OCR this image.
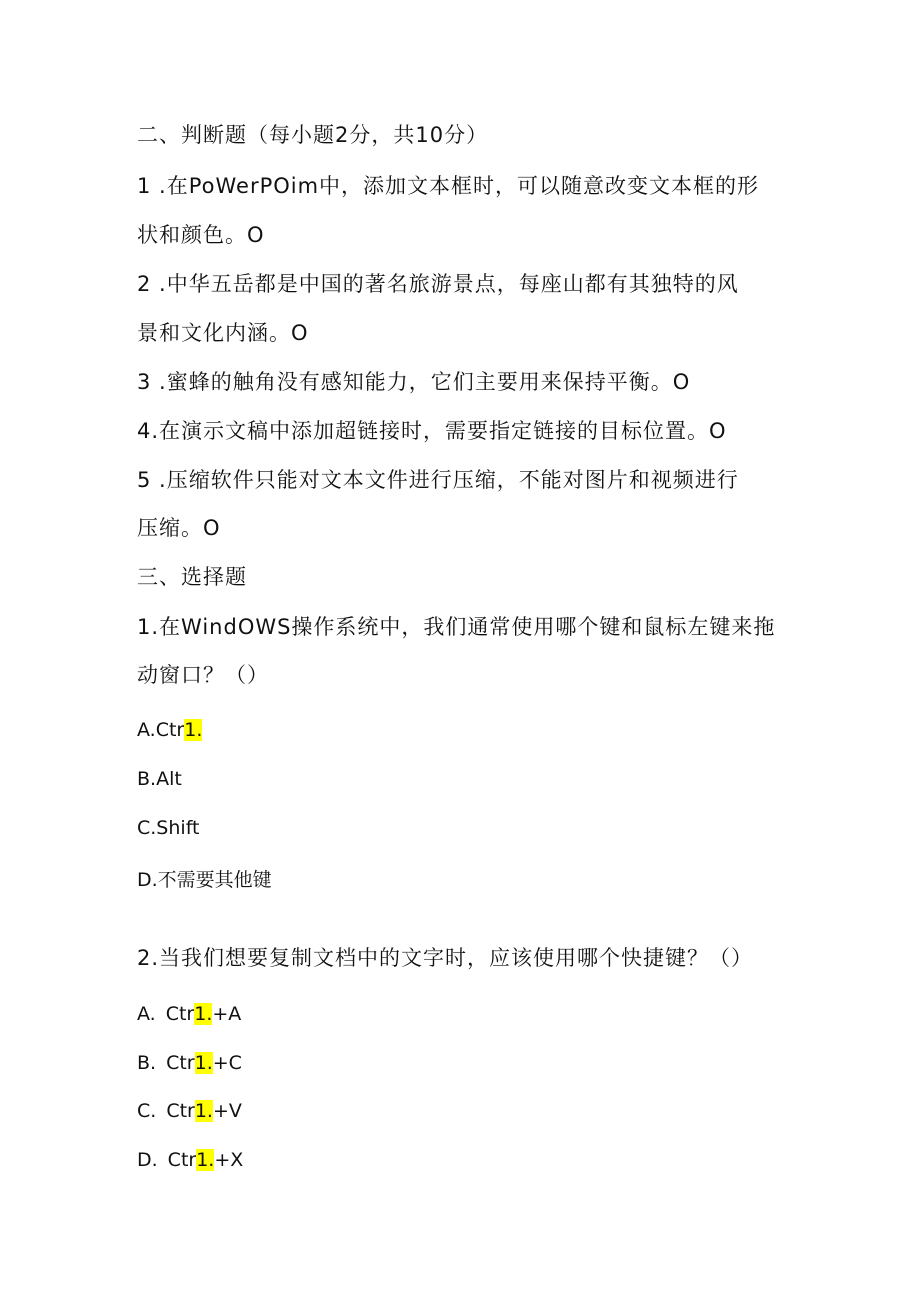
二、判断题（每小题2分，共10分）
1 .在PoWerPOim中，添加文本框时，可以随意改变文本框的形
状和颜色。O
2 .中华五岳都是中国的著名旅游景点，每座山都有其独特的风
景和文化内涵。O
3 .蜜蜂的触角没有感知能力，它们主要用来保持平衡。O
4.在演示文稿中添加超链接时，需要指定链接的目标位置。O
5 .压缩软件只能对文本文件进行压缩，不能对图片和视频进行
压缩。O
三、选择题
1.在WindOWS操作系统中，我们通常使用哪个键和鼠标左键来拖
动窗口？（）
A.Ctr1.
B.Alt
C.Shift
D.不需要其他键
2.当我们想要复制文档中的文字时，应该使用哪个快捷键？（）
A. Ctr1.+A
B. Ctr1.+C
C. Ctr1.+V
D. Ctr1.+X
